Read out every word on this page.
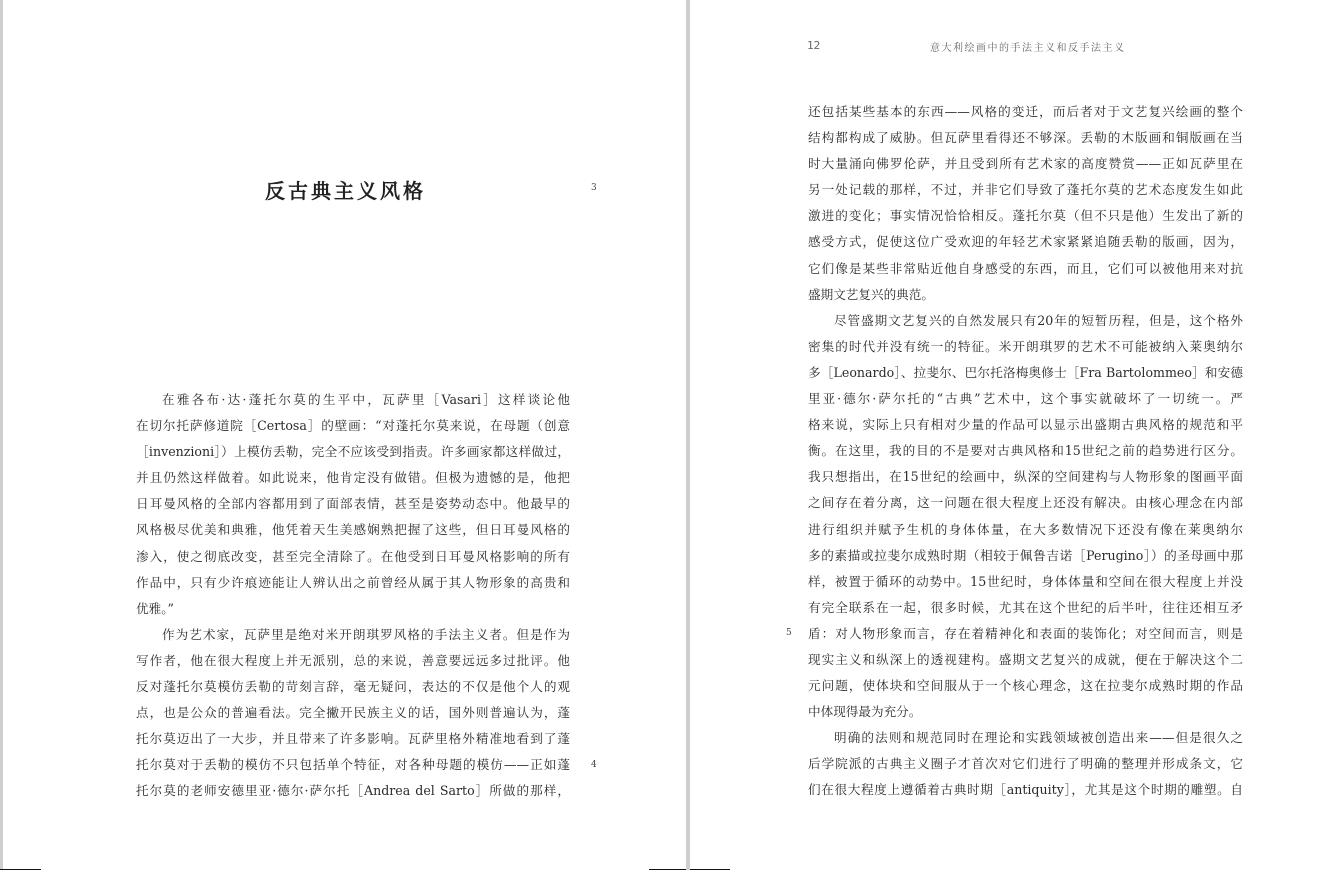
反古典主义风格	3
4
在雅各布·达·蓬托尔莫的生平中，瓦萨里［Vasari］这样谈论他
在切尔托萨修道院［Certosa］的壁画：“对蓬托尔莫来说，在母题（创意
［invenzioni］）上模仿丢勒，完全不应该受到指责。许多画家都这样做过，
并且仍然这样做着。如此说来，他肯定没有做错。但极为遗憾的是，他把
日耳曼风格的全部内容都用到了面部表情，甚至是姿势动态中。他最早的
风格极尽优美和典雅，他凭着天生美感娴熟把握了这些，但日耳曼风格的
渗入，使之彻底改变，甚至完全清除了。在他受到日耳曼风格影响的所有
作品中，只有少许痕迹能让人辨认出之前曾经从属于其人物形象的高贵和
优雅。”
作为艺术家，瓦萨里是绝对米开朗琪罗风格的手法主义者。但是作为
写作者，他在很大程度上并无派别，总的来说，善意要远远多过批评。他
反对蓬托尔莫模仿丢勒的苛刻言辞，毫无疑问，表达的不仅是他个人的观
点，也是公众的普遍看法。完全撇开民族主义的话，国外则普遍认为，蓬
托尔莫迈出了一大步，并且带来了许多影响。瓦萨里格外精准地看到了蓬
托尔莫对于丢勒的模仿不只包括单个特征，对各种母题的模仿——正如蓬
托尔莫的老师安德里亚·德尔·萨尔托［Andrea del Sarto］所做的那样，
12	意大利绘画中的手法主义和反手法主义
5
还包括某些基本的东西——风格的变迁，而后者对于文艺复兴绘画的整个
结构都构成了威胁。但瓦萨里看得还不够深。丢勒的木版画和铜版画在当
时大量涌向佛罗伦萨，并且受到所有艺术家的高度赞赏——正如瓦萨里在
另一处记载的那样，不过，并非它们导致了蓬托尔莫的艺术态度发生如此
激进的变化；事实情况恰恰相反。蓬托尔莫（但不只是他）生发出了新的
感受方式，促使这位广受欢迎的年轻艺术家紧紧追随丢勒的版画，因为，
它们像是某些非常贴近他自身感受的东西，而且，它们可以被他用来对抗
盛期文艺复兴的典范。
尽管盛期文艺复兴的自然发展只有20年的短暂历程，但是，这个格外
密集的时代并没有统一的特征。米开朗琪罗的艺术不可能被纳入莱奥纳尔
多［Leonardo］、拉斐尔、巴尔托洛梅奥修士［Fra Bartolommeo］和安德
里亚·德尔·萨尔托的“古典”艺术中，这个事实就破坏了一切统一。严
格来说，实际上只有相对少量的作品可以显示出盛期古典风格的规范和平
衡。在这里，我的目的不是要对古典风格和15世纪之前的趋势进行区分。
我只想指出，在15世纪的绘画中，纵深的空间建构与人物形象的图画平面
之间存在着分离，这一问题在很大程度上还没有解决。由核心理念在内部
进行组织并赋予生机的身体体量，在大多数情况下还没有像在莱奥纳尔
多的素描或拉斐尔成熟时期（相较于佩鲁吉诺［Perugino］）的圣母画中那
样，被置于循环的动势中。15世纪时，身体体量和空间在很大程度上并没
有完全联系在一起，很多时候，尤其在这个世纪的后半叶，往往还相互矛
盾：对人物形象而言，存在着精神化和表面的装饰化；对空间而言，则是
现实主义和纵深上的透视建构。盛期文艺复兴的成就，便在于解决这个二
元问题，使体块和空间服从于一个核心理念，这在拉斐尔成熟时期的作品
中体现得最为充分。
明确的法则和规范同时在理论和实践领域被创造出来——但是很久之
后学院派的古典主义圈子才首次对它们进行了明确的整理并形成条文，它
们在很大程度上遵循着古典时期［antiquity］，尤其是这个时期的雕塑。自
